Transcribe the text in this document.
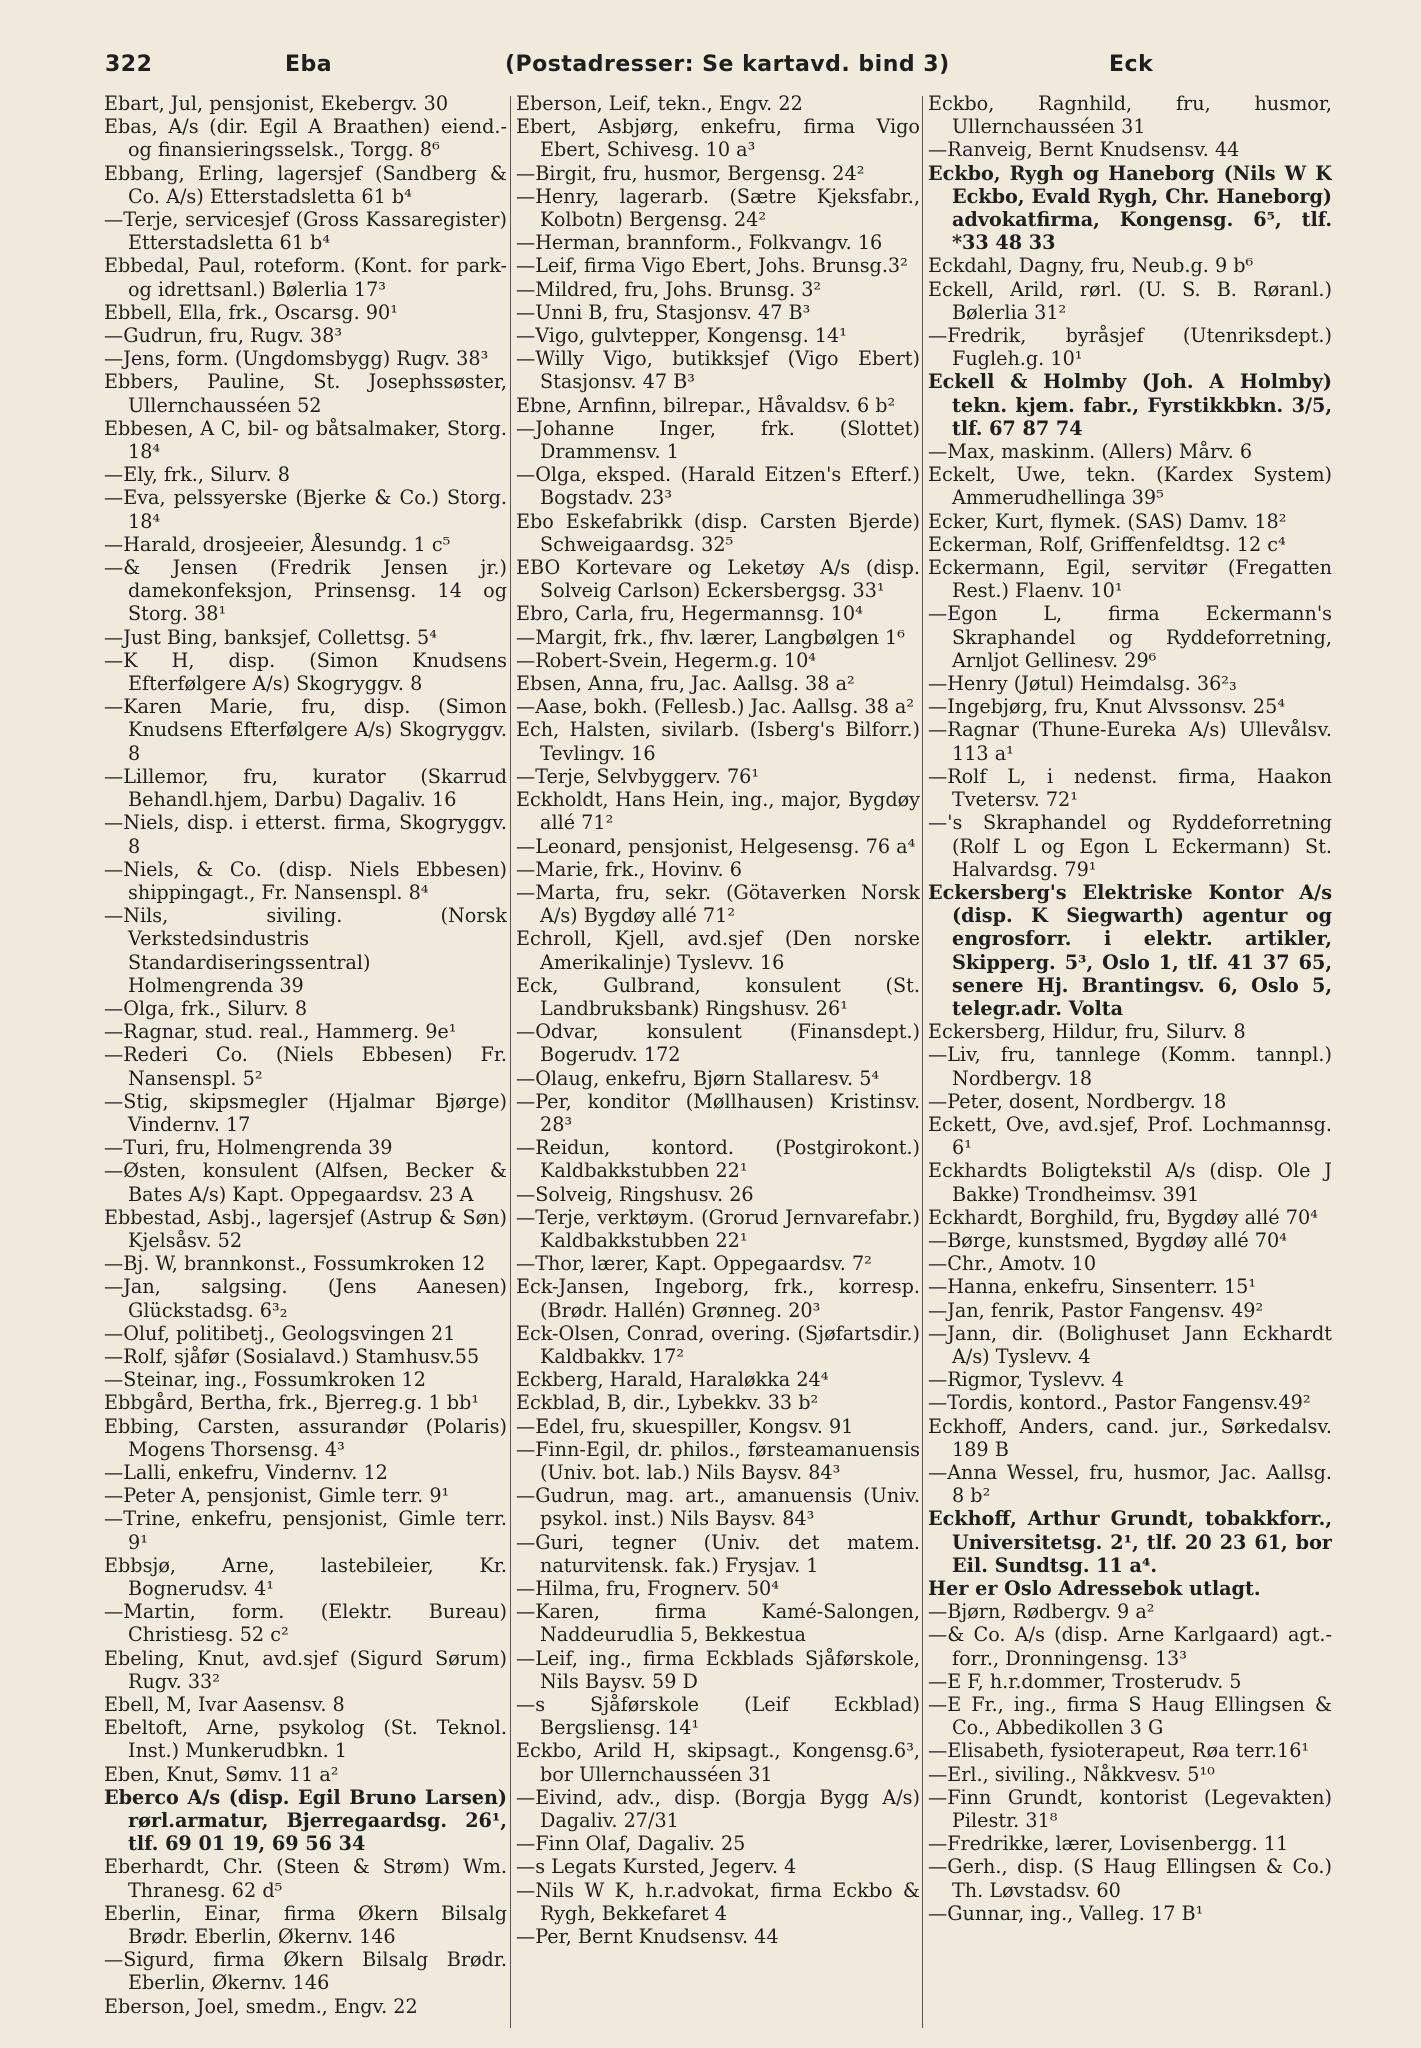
322	Eba	(Postadresser: Se kartavd. bind 3)	Eck

Ebart, Jul, pensjonist, Ekebergv. 30

Ebas, A/s (dir. Egil A Braathen) eiend.- og finansieringsselsk., Torgg. 8⁶

Ebbang, Erling, lagersjef (Sandberg & Co. A/s) Etterstadsletta 61 b⁴

—Terje, servicesjef (Gross Kassaregister) Etterstadsletta 61 b⁴

Ebbedal, Paul, roteform. (Kont. for park- og idrettsanl.) Bølerlia 17³

Ebbell, Ella, frk., Oscarsg. 90¹

—Gudrun, fru, Rugv. 38³

—Jens, form. (Ungdomsbygg) Rugv. 38³

Ebbers, Pauline, St. Josephssøster, Ullernchausséen 52

Ebbesen, A C, bil- og båtsalmaker, Storg. 18⁴

—Ely, frk., Silurv. 8

—Eva, pelssyerske (Bjerke & Co.) Storg. 18⁴

—Harald, drosjeeier, Ålesundg. 1 c⁵

—& Jensen (Fredrik Jensen jr.) damekonfeksjon, Prinsensg. 14 og Storg. 38¹

—Just Bing, banksjef, Collettsg. 5⁴

—K H, disp. (Simon Knudsens Efterfølgere A/s) Skogryggv. 8

—Karen Marie, fru, disp. (Simon Knudsens Efterfølgere A/s) Skogryggv. 8

—Lillemor, fru, kurator (Skarrud Behandl.hjem, Darbu) Dagaliv. 16

—Niels, disp. i etterst. firma, Skogryggv. 8

—Niels, & Co. (disp. Niels Ebbesen) shippingagt., Fr. Nansenspl. 8⁴

—Nils, siviling. (Norsk Verkstedsindustris Standardiseringssentral) Holmengrenda 39

—Olga, frk., Silurv. 8

—Ragnar, stud. real., Hammerg. 9e¹

—Rederi Co. (Niels Ebbesen) Fr. Nansenspl. 5²

—Stig, skipsmegler (Hjalmar Bjørge) Vindernv. 17

—Turi, fru, Holmengrenda 39

—Østen, konsulent (Alfsen, Becker & Bates A/s) Kapt. Oppegaardsv. 23 A

Ebbestad, Asbj., lagersjef (Astrup & Søn) Kjelsåsv. 52

—Bj. W, brannkonst., Fossumkroken 12

—Jan, salgsing. (Jens Aanesen) Glückstadsg. 6³₂

—Oluf, politibetj., Geologsvingen 21

—Rolf, sjåfør (Sosialavd.) Stamhusv.55

—Steinar, ing., Fossumkroken 12

Ebbgård, Bertha, frk., Bjerreg.g. 1 bb¹

Ebbing, Carsten, assurandør (Polaris) Mogens Thorsensg. 4³

—Lalli, enkefru, Vindernv. 12

—Peter A, pensjonist, Gimle terr. 9¹

—Trine, enkefru, pensjonist, Gimle terr. 9¹

Ebbsjø, Arne, lastebileier, Kr. Bognerudsv. 4¹

—Martin, form. (Elektr. Bureau) Christiesg. 52 c²

Ebeling, Knut, avd.sjef (Sigurd Sørum) Rugv. 33²

Ebell, M, Ivar Aasensv. 8

Ebeltoft, Arne, psykolog (St. Teknol. Inst.) Munkerudbkn. 1

Eben, Knut, Sømv. 11 a²

Eberco A/s (disp. Egil Bruno Larsen) rørl.armatur, Bjerregaardsg. 26¹, tlf. 69 01 19, 69 56 34

Eberhardt, Chr. (Steen & Strøm) Wm. Thranesg. 62 d⁵

Eberlin, Einar, firma Økern Bilsalg Brødr. Eberlin, Økernv. 146

—Sigurd, firma Økern Bilsalg Brødr. Eberlin, Økernv. 146

Eberson, Joel, smedm., Engv. 22

Eberson, Leif, tekn., Engv. 22

Ebert, Asbjørg, enkefru, firma Vigo Ebert, Schivesg. 10 a³

—Birgit, fru, husmor, Bergensg. 24²

—Henry, lagerarb. (Sætre Kjeksfabr., Kolbotn) Bergensg. 24²

—Herman, brannform., Folkvangv. 16

—Leif, firma Vigo Ebert, Johs. Brunsg.3²

—Mildred, fru, Johs. Brunsg. 3²

—Unni B, fru, Stasjonsv. 47 B³

—Vigo, gulvtepper, Kongensg. 14¹

—Willy Vigo, butikksjef (Vigo Ebert) Stasjonsv. 47 B³

Ebne, Arnfinn, bilrepar., Håvaldsv. 6 b²

—Johanne Inger, frk. (Slottet) Drammensv. 1

—Olga, eksped. (Harald Eitzen's Efterf.) Bogstadv. 23³

Ebo Eskefabrikk (disp. Carsten Bjerde) Schweigaardsg. 32⁵

EBO Kortevare og Leketøy A/s (disp. Solveig Carlson) Eckersbergsg. 33¹

Ebro, Carla, fru, Hegermannsg. 10⁴

—Margit, frk., fhv. lærer, Langbølgen 1⁶

—Robert-Svein, Hegerm.g. 10⁴

Ebsen, Anna, fru, Jac. Aallsg. 38 a²

—Aase, bokh. (Fellesb.) Jac. Aallsg. 38 a²

Ech, Halsten, sivilarb. (Isberg's Bilforr.) Tevlingv. 16

—Terje, Selvbyggerv. 76¹

Eckholdt, Hans Hein, ing., major, Bygdøy allé 71²

—Leonard, pensjonist, Helgesensg. 76 a⁴

—Marie, frk., Hovinv. 6

—Marta, fru, sekr. (Götaverken Norsk A/s) Bygdøy allé 71²

Echroll, Kjell, avd.sjef (Den norske Amerikalinje) Tyslevv. 16

Eck, Gulbrand, konsulent (St. Landbruksbank) Ringshusv. 26¹

—Odvar, konsulent (Finansdept.) Bogerudv. 172

—Olaug, enkefru, Bjørn Stallaresv. 5⁴

—Per, konditor (Møllhausen) Kristinsv. 28³

—Reidun, kontord. (Postgirokont.) Kaldbakkstubben 22¹

—Solveig, Ringshusv. 26

—Terje, verktøym. (Grorud Jernvarefabr.) Kaldbakkstubben 22¹

—Thor, lærer, Kapt. Oppegaardsv. 7²

Eck-Jansen, Ingeborg, frk., korresp. (Brødr. Hallén) Grønneg. 20³

Eck-Olsen, Conrad, overing. (Sjøfartsdir.) Kaldbakkv. 17²

Eckberg, Harald, Haraløkka 24⁴

Eckblad, B, dir., Lybekkv. 33 b²

—Edel, fru, skuespiller, Kongsv. 91

—Finn-Egil, dr. philos., førsteamanuensis (Univ. bot. lab.) Nils Baysv. 84³

—Gudrun, mag. art., amanuensis (Univ. psykol. inst.) Nils Baysv. 84³

—Guri, tegner (Univ. det matem. naturvitensk. fak.) Frysjav. 1

—Hilma, fru, Frognerv. 50⁴

—Karen, firma Kamé-Salongen, Naddeurudlia 5, Bekkestua

—Leif, ing., firma Eckblads Sjåførskole, Nils Baysv. 59 D

—s Sjåførskole (Leif Eckblad) Bergsliensg. 14¹

Eckbo, Arild H, skipsagt., Kongensg.6³, bor Ullernchausséen 31

—Eivind, adv., disp. (Borgja Bygg A/s) Dagaliv. 27/31

—Finn Olaf, Dagaliv. 25

—s Legats Kursted, Jegerv. 4

—Nils W K, h.r.advokat, firma Eckbo & Rygh, Bekkefaret 4

—Per, Bernt Knudsensv. 44

Eckbo, Ragnhild, fru, husmor, Ullernchausséen 31

—Ranveig, Bernt Knudsensv. 44

Eckbo, Rygh og Haneborg (Nils W K Eckbo, Evald Rygh, Chr. Haneborg) advokatfirma, Kongensg. 6⁵, tlf. *33 48 33

Eckdahl, Dagny, fru, Neub.g. 9 b⁶

Eckell, Arild, rørl. (U. S. B. Røranl.) Bølerlia 31²

—Fredrik, byråsjef (Utenriksdept.) Fugleh.g. 10¹

Eckell & Holmby (Joh. A Holmby) tekn. kjem. fabr., Fyrstikkbkn. 3/5, tlf. 67 87 74

—Max, maskinm. (Allers) Mårv. 6

Eckelt, Uwe, tekn. (Kardex System) Ammerudhellinga 39⁵

Ecker, Kurt, flymek. (SAS) Damv. 18²

Eckerman, Rolf, Griffenfeldtsg. 12 c⁴

Eckermann, Egil, servitør (Fregatten Rest.) Flaenv. 10¹

—Egon L, firma Eckermann's Skraphandel og Ryddeforretning, Arnljot Gellinesv. 29⁶

—Henry (Jøtul) Heimdalsg. 36²₃

—Ingebjørg, fru, Knut Alvssonsv. 25⁴

—Ragnar (Thune-Eureka A/s) Ullevålsv. 113 a¹

—Rolf L, i nedenst. firma, Haakon Tvetersv. 72¹

—'s Skraphandel og Ryddeforretning (Rolf L og Egon L Eckermann) St. Halvardsg. 79¹

Eckersberg's Elektriske Kontor A/s (disp. K Siegwarth) agentur og engrosforr. i elektr. artikler, Skipperg. 5³, Oslo 1, tlf. 41 37 65, senere Hj. Brantingsv. 6, Oslo 5, telegr.adr. Volta

Eckersberg, Hildur, fru, Silurv. 8

—Liv, fru, tannlege (Komm. tannpl.) Nordbergv. 18

—Peter, dosent, Nordbergv. 18

Eckett, Ove, avd.sjef, Prof. Lochmannsg. 6¹

Eckhardts Boligtekstil A/s (disp. Ole J Bakke) Trondheimsv. 391

Eckhardt, Borghild, fru, Bygdøy allé 70⁴

—Børge, kunstsmed, Bygdøy allé 70⁴

—Chr., Amotv. 10

—Hanna, enkefru, Sinsenterr. 15¹

—Jan, fenrik, Pastor Fangensv. 49²

—Jann, dir. (Bolighuset Jann Eckhardt A/s) Tyslevv. 4

—Rigmor, Tyslevv. 4

—Tordis, kontord., Pastor Fangensv.49²

Eckhoff, Anders, cand. jur., Sørkedalsv. 189 B

—Anna Wessel, fru, husmor, Jac. Aallsg. 8 b²

Eckhoff, Arthur Grundt, tobakkforr., Universitetsg. 2¹, tlf. 20 23 61, bor Eil. Sundtsg. 11 a⁴.

Her er Oslo Adressebok utlagt.

—Bjørn, Rødbergv. 9 a²

—& Co. A/s (disp. Arne Karlgaard) agt.-forr., Dronningensg. 13³

—E F, h.r.dommer, Trosterudv. 5

—E Fr., ing., firma S Haug Ellingsen & Co., Abbedikollen 3 G

—Elisabeth, fysioterapeut, Røa terr.16¹

—Erl., siviling., Nåkkvesv. 5¹⁰

—Finn Grundt, kontorist (Legevakten) Pilestr. 31⁸

—Fredrikke, lærer, Lovisenbergg. 11

—Gerh., disp. (S Haug Ellingsen & Co.) Th. Løvstadsv. 60

—Gunnar, ing., Valleg. 17 B¹
